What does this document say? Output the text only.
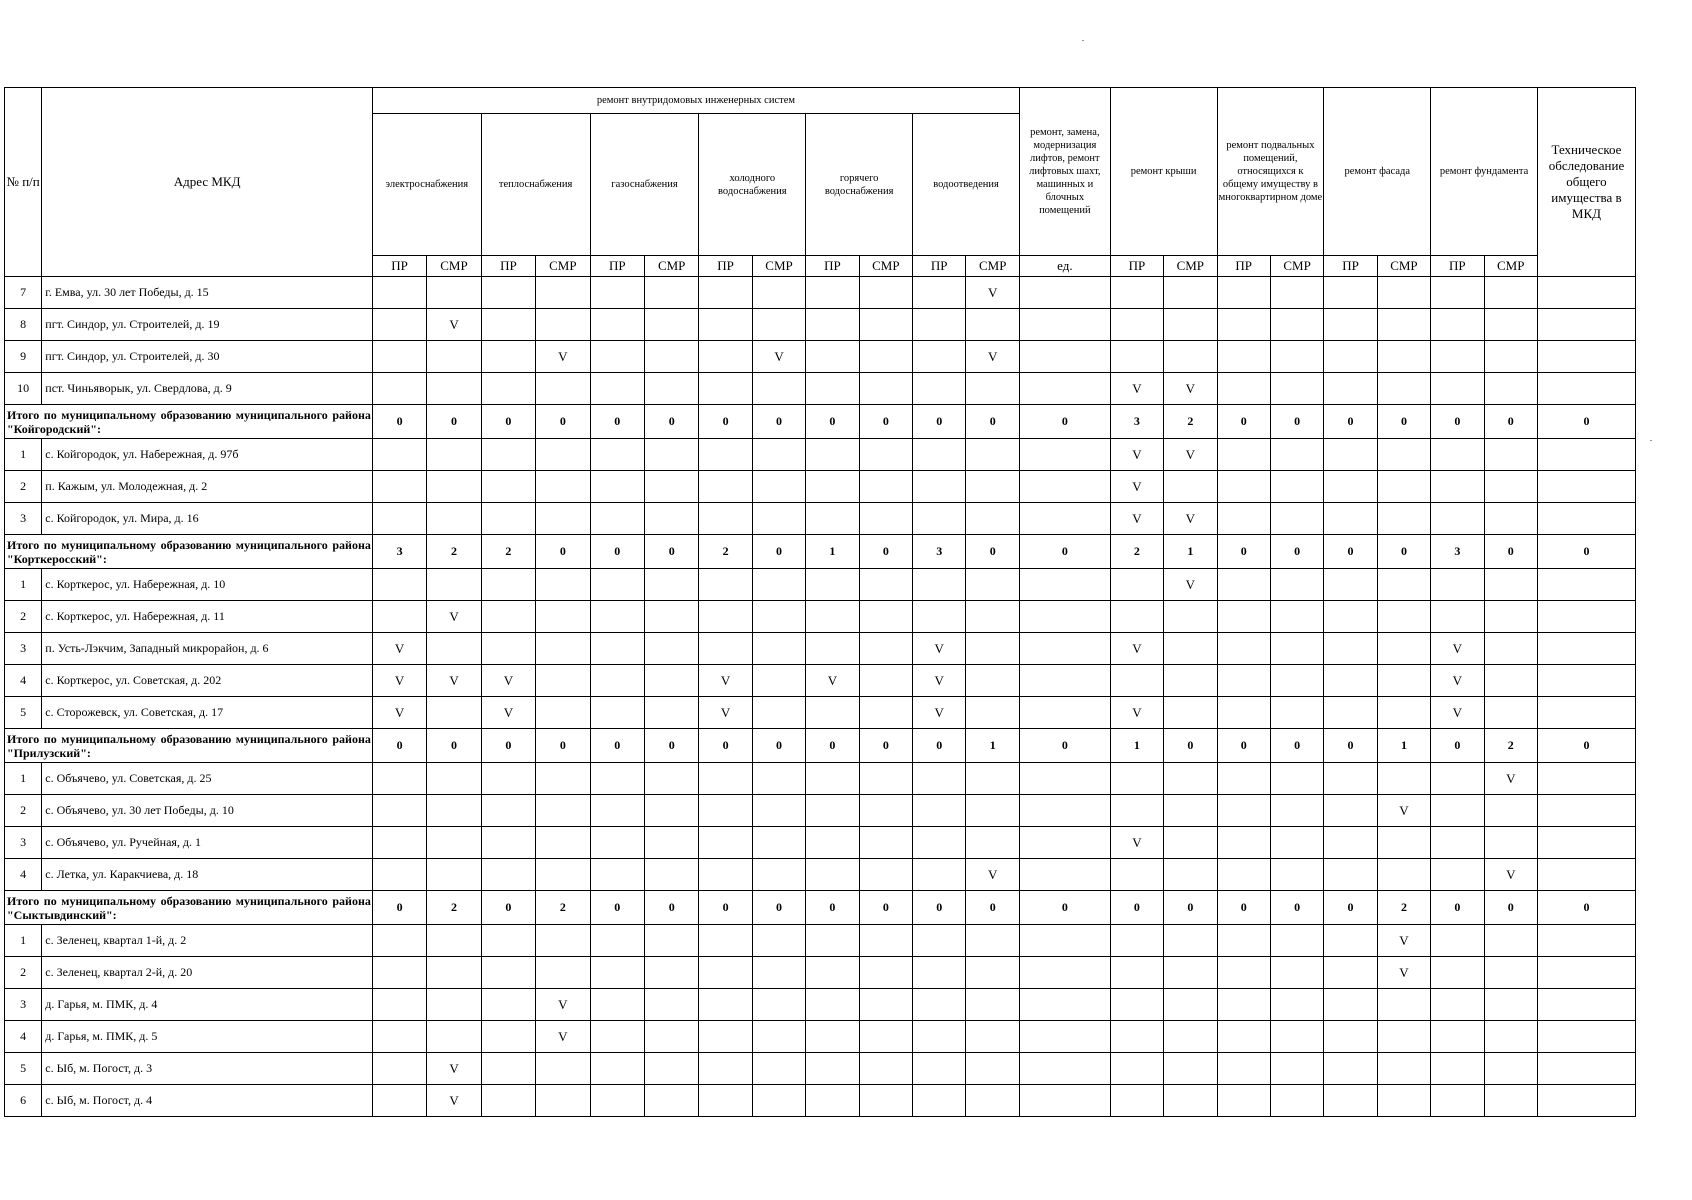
№ п/п	Адрес МКД	ремонт внутридомовых инженерных систем												ремонт, замена, модернизация лифтов, ремонт лифтовых шахт, машинных и блочных помещений	ремонт крыши		ремонт подвальных помещений, относящихся к общему имуществу в многоквартирном доме		ремонт фасада		ремонт фундамента		Техническое обследование общего имущества в МКД
		электроснабжения		теплоснабжения		газоснабжения		холодного водоснабжения		горячего водоснабжения		водоотведения											
		ПР	СМР	ПР	СМР	ПР	СМР	ПР	СМР	ПР	СМР	ПР	СМР	ед.	ПР	СМР	ПР	СМР	ПР	СМР	ПР	СМР	
7	г. Емва, ул. 30 лет Победы, д. 15												V										
8	пгт. Синдор, ул. Строителей, д. 19		V																				
9	пгт. Синдор, ул. Строителей, д. 30				V				V				V										
10	пст. Чиньяворык, ул. Свердлова, д. 9														V	V							
Итого по муниципальному образованию муниципального района "Койгородский":		0	0	0	0	0	0	0	0	0	0	0	0	0	3	2	0	0	0	0	0	0	0
1	с. Койгородок, ул. Набережная, д. 97б														V	V							
2	п. Кажым, ул. Молодежная, д. 2														V								
3	с. Койгородок, ул. Мира, д. 16														V	V							
Итого по муниципальному образованию муниципального района "Корткеросский":		3	2	2	0	0	0	2	0	1	0	3	0	0	2	1	0	0	0	0	3	0	0
1	с. Корткерос, ул. Набережная, д. 10															V							
2	с. Корткерос, ул. Набережная, д. 11		V																				
3	п. Усть-Лэкчим, Западный микрорайон, д. 6	V										V			V						V		
4	с. Корткерос, ул. Советская, д. 202	V	V	V				V		V		V									V		
5	с. Сторожевск, ул. Советская, д. 17	V		V				V				V			V						V		
Итого по муниципальному образованию муниципального района "Прилузский":		0	0	0	0	0	0	0	0	0	0	0	1	0	1	0	0	0	0	1	0	2	0
1	с. Объячево, ул. Советская, д. 25																					V	
2	с. Объячево, ул. 30 лет Победы, д. 10																			V			
3	с. Объячево, ул. Ручейная, д. 1														V								
4	с. Летка, ул. Каракчиева, д. 18												V									V	
Итого по муниципальному образованию муниципального района "Сыктывдинский":		0	2	0	2	0	0	0	0	0	0	0	0	0	0	0	0	0	0	2	0	0	0
1	с. Зеленец, квартал 1-й, д. 2																			V			
2	с. Зеленец, квартал 2-й, д. 20																			V			
3	д. Гарья, м. ПМК, д. 4				V																		
4	д. Гарья, м. ПМК, д. 5				V																		
5	с. Ыб, м. Погост, д. 3		V																				
6	с. Ыб, м. Погост, д. 4		V																				
